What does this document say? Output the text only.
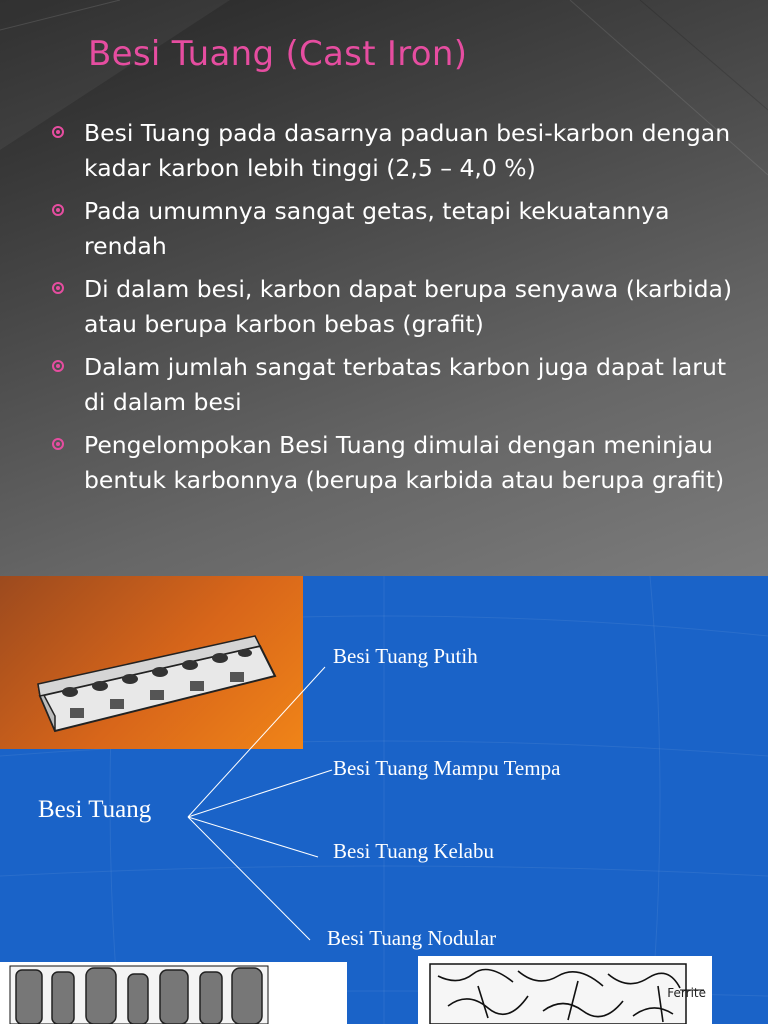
Besi Tuang (Cast Iron)
Besi Tuang pada dasarnya paduan besi-karbon dengan kadar karbon lebih tinggi (2,5 – 4,0 %)
Pada umumnya sangat getas, tetapi kekuatannya rendah
Di dalam besi, karbon dapat berupa senyawa (karbida) atau berupa karbon bebas (grafit)
Dalam jumlah sangat terbatas karbon juga dapat larut di dalam besi
Pengelompokan Besi Tuang dimulai dengan meninjau bentuk karbonnya (berupa karbida atau berupa grafit)
Besi Tuang
Besi Tuang Putih
Besi Tuang Mampu Tempa
Besi Tuang Kelabu
Besi Tuang Nodular
Ferrite
